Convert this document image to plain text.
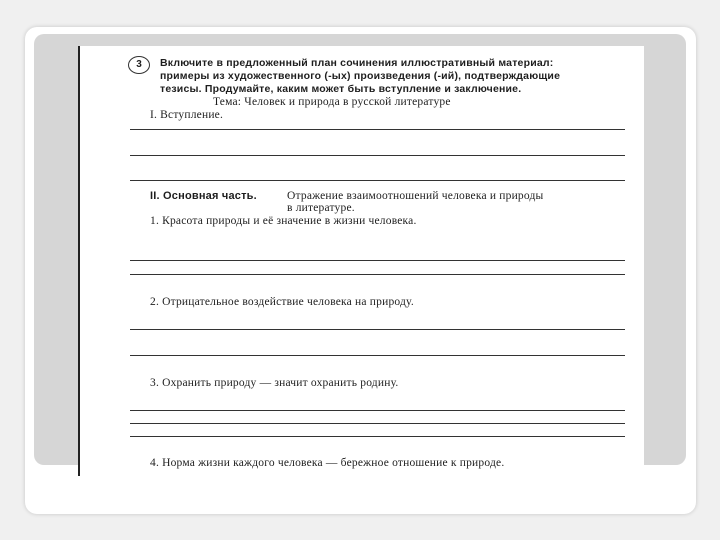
3	Включите в предложенный план сочинения иллюстративный материал:
примеры из художественного (-ых) произведения (-ий), подтверждающие
тезисы. Продумайте, каким может быть вступление и заключение.
Тема: Человек и природа в русской литературе
I. Вступление.
II. Основная часть.	Отражение взаимоотношений человека и природы
в литературе.
1. Красота природы и её значение в жизни человека.
2. Отрицательное воздействие человека на природу.
3. Охранить природу — значит охранить родину.
4. Норма жизни каждого человека — бережное отношение к природе.
